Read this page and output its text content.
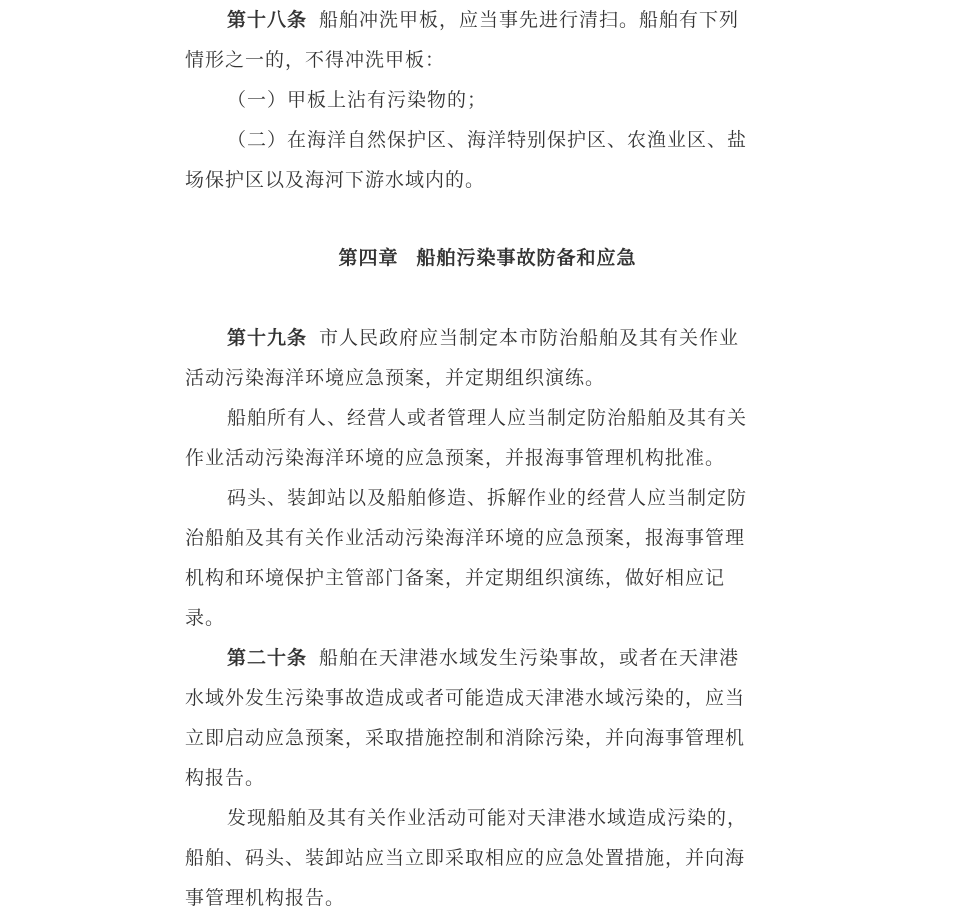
第十八条 船舶冲洗甲板，应当事先进行清扫。船舶有下列
情形之一的，不得冲洗甲板：
（一）甲板上沾有污染物的；
（二）在海洋自然保护区、海洋特别保护区、农渔业区、盐
场保护区以及海河下游水域内的。
第四章 船舶污染事故防备和应急
第十九条 市人民政府应当制定本市防治船舶及其有关作业
活动污染海洋环境应急预案，并定期组织演练。
船舶所有人、经营人或者管理人应当制定防治船舶及其有关
作业活动污染海洋环境的应急预案，并报海事管理机构批准。
码头、装卸站以及船舶修造、拆解作业的经营人应当制定防
治船舶及其有关作业活动污染海洋环境的应急预案，报海事管理
机构和环境保护主管部门备案，并定期组织演练，做好相应记
录。
第二十条 船舶在天津港水域发生污染事故，或者在天津港
水域外发生污染事故造成或者可能造成天津港水域污染的，应当
立即启动应急预案，采取措施控制和消除污染，并向海事管理机
构报告。
发现船舶及其有关作业活动可能对天津港水域造成污染的，
船舶、码头、装卸站应当立即采取相应的应急处置措施，并向海
事管理机构报告。
